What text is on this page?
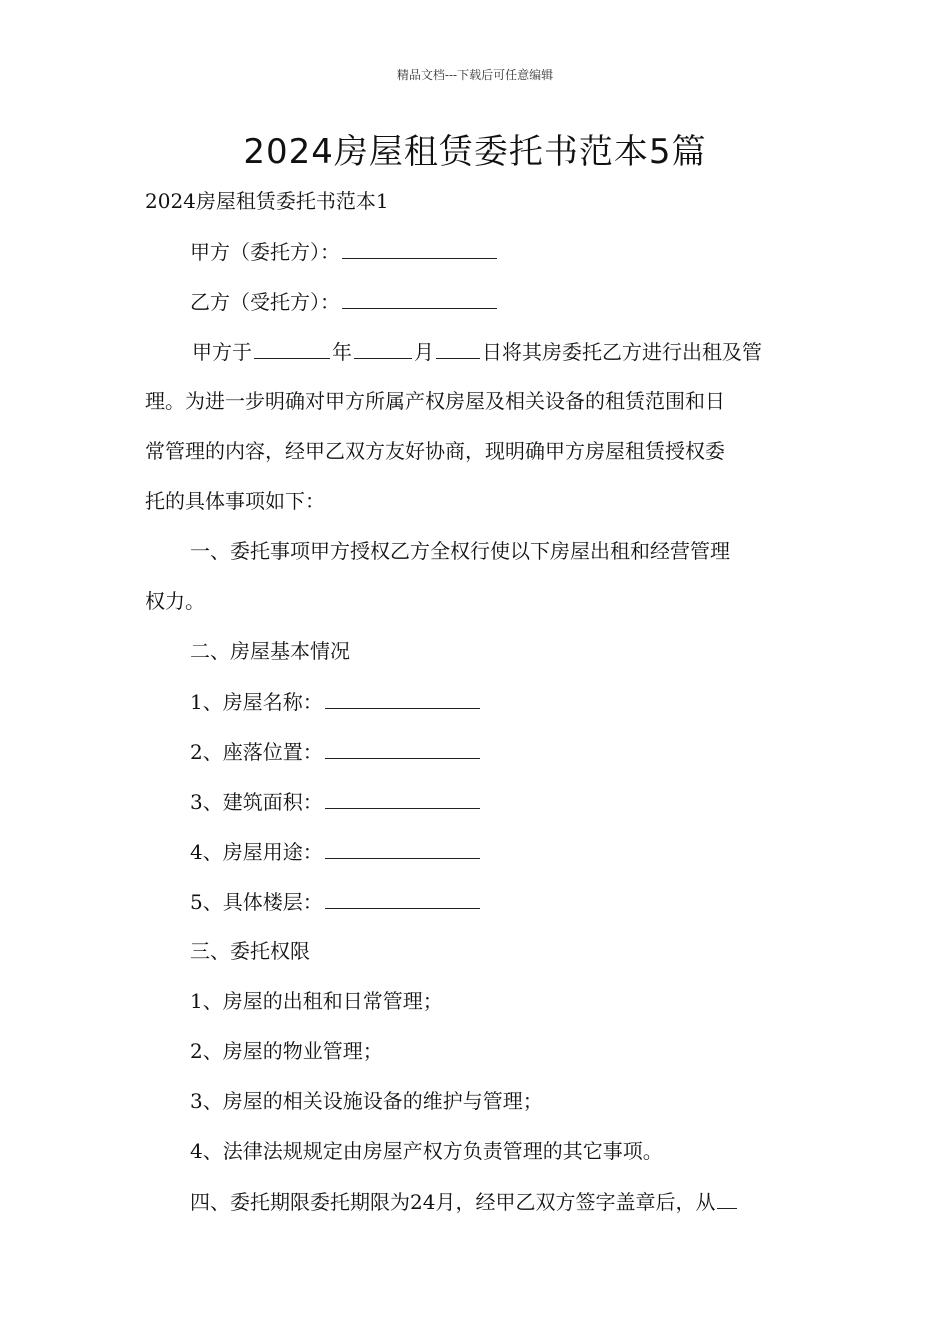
精品文档---下载后可任意编辑
2024房屋租赁委托书范本5篇
2024房屋租赁委托书范本1
甲方（委托方）：
乙方（受托方）：
甲方于	年	月 日将其房委托乙方进行出租及管
理。为进一步明确对甲方所属产权房屋及相关设备的租赁范围和日
常管理的内容，经甲乙双方友好协商，现明确甲方房屋租赁授权委
托的具体事项如下：
一、委托事项甲方授权乙方全权行使以下房屋出租和经营管理
权力。
二、房屋基本情况
1、房屋名称：
2、座落位置：
3、建筑面积：
4、房屋用途：
5、具体楼层：
三、委托权限
1、房屋的出租和日常管理；
2、房屋的物业管理；
3、房屋的相关设施设备的维护与管理；
4、法律法规规定由房屋产权方负责管理的其它事项。
四、委托期限委托期限为24月，经甲乙双方签字盖章后，从
